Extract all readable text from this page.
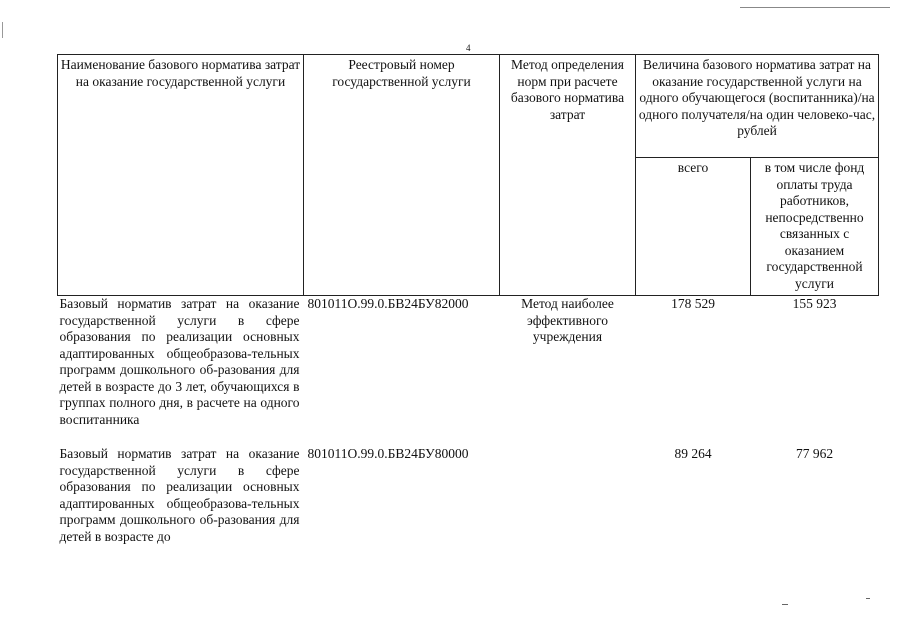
4
Наименование базового норматива затрат на оказание государственной услуги	Реестровый номер государственной услуги	Метод определения норм при расчете базового норматива затрат	Величина базового норматива затрат на оказание государственной услуги на одного обучающегося (воспитанника)/на одного получателя/на один человеко-час, рублей	
			всего	в том числе фонд оплаты труда работников, непосредственно связанных с оказанием государственной услуги
Базовый норматив затрат на оказание государственной услуги в сфере образования по реализации основных адаптированных общеобразова-тельных программ дошкольного об-разования для детей в возрасте до 3 лет, обучающихся в группах полного дня, в расчете на одного воспитанника	801011О.99.0.БВ24БУ82000	Метод наиболее эффективного учреждения	178 529	155 923

Базовый норматив затрат на оказание государственной услуги в сфере образования по реализации основных адаптированных общеобразова-тельных программ дошкольного об-разования для детей в возрасте до	801011О.99.0.БВ24БУ80000		89 264	77 962
